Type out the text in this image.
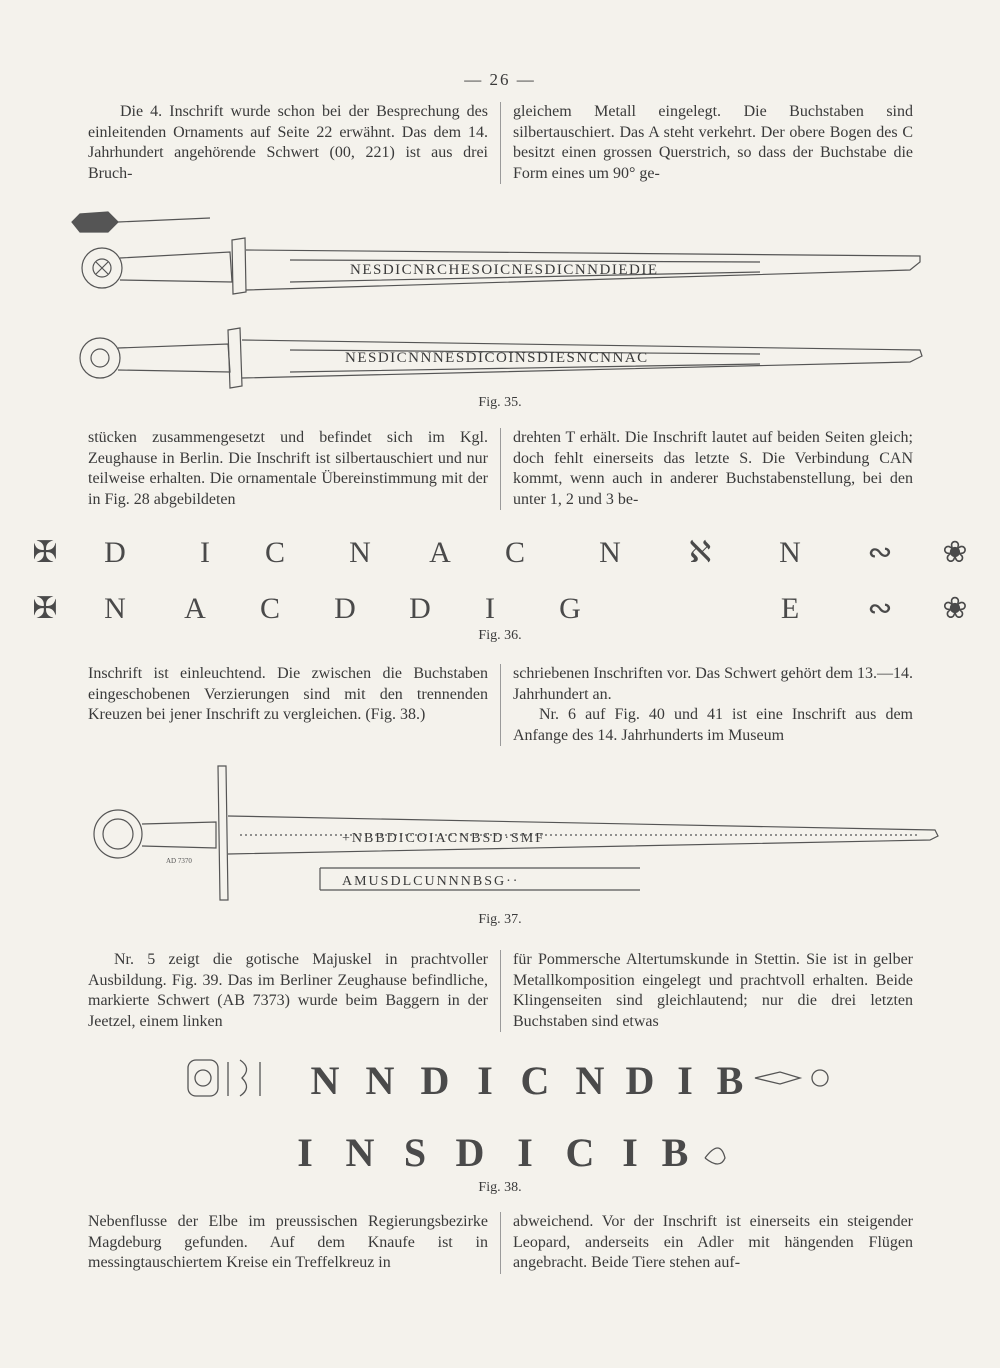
— 26 —

Die 4. Inschrift wurde schon bei der Besprechung des einleitenden Ornaments auf Seite 22 erwähnt. Das dem 14. Jahrhundert angehörende Schwert (00, 221) ist aus drei Bruch-

gleichem Metall eingelegt. Die Buchstaben sind silbertauschiert. Das A steht verkehrt. Der obere Bogen des C besitzt einen grossen Querstrich, so dass der Buchstabe die Form eines um 90° ge-

NESDICNRCHESOICNESDICNNDIEDIE
NESDICNNNESDICOINSDIESNCNNAC
Fig. 35.

stücken zusammengesetzt und befindet sich im Kgl. Zeughause in Berlin. Die Inschrift ist silbertauschiert und nur teilweise erhalten. Die ornamentale Übereinstimmung mit der in Fig. 28 abgebildeten

drehten T erhält. Die Inschrift lautet auf beiden Seiten gleich; doch fehlt einerseits das letzte S. Die Verbindung CAN kommt, wenn auch in anderer Buchstabenstellung, bei den unter 1, 2 und 3 be-

✠ D I C N A C N ℵ N ∾ ❀
✠ N A C D D I G	E ∾ ❀
Fig. 36.

Inschrift ist einleuchtend. Die zwischen die Buchstaben eingeschobenen Verzierungen sind mit den trennenden Kreuzen bei jener Inschrift zu vergleichen. (Fig. 38.)

schriebenen Inschriften vor. Das Schwert gehört dem 13.—14. Jahrhundert an.

Nr. 6 auf Fig. 40 und 41 ist eine Inschrift aus dem Anfange des 14. Jahrhunderts im Museum

+NBBDICOIACNBSD·SMF
AMUSDLCUNNNBSG··
AD 7370
Fig. 37.

Nr. 5 zeigt die gotische Majuskel in prachtvoller Ausbildung. Fig. 39. Das im Berliner Zeughause befindliche, markierte Schwert (AB 7373) wurde beim Baggern in der Jeetzel, einem linken

für Pommersche Altertumskunde in Stettin. Sie ist in gelber Metallkomposition eingelegt und prachtvoll erhalten. Beide Klingenseiten sind gleichlautend; nur die drei letzten Buchstaben sind etwas

N N D I C N D I B
I N S D I C I B
Fig. 38.

Nebenflusse der Elbe im preussischen Regierungsbezirke Magdeburg gefunden. Auf dem Knaufe ist in messingtauschiertem Kreise ein Treffelkreuz in

abweichend. Vor der Inschrift ist einerseits ein steigender Leopard, anderseits ein Adler mit hängenden Flügen angebracht. Beide Tiere stehen auf-
